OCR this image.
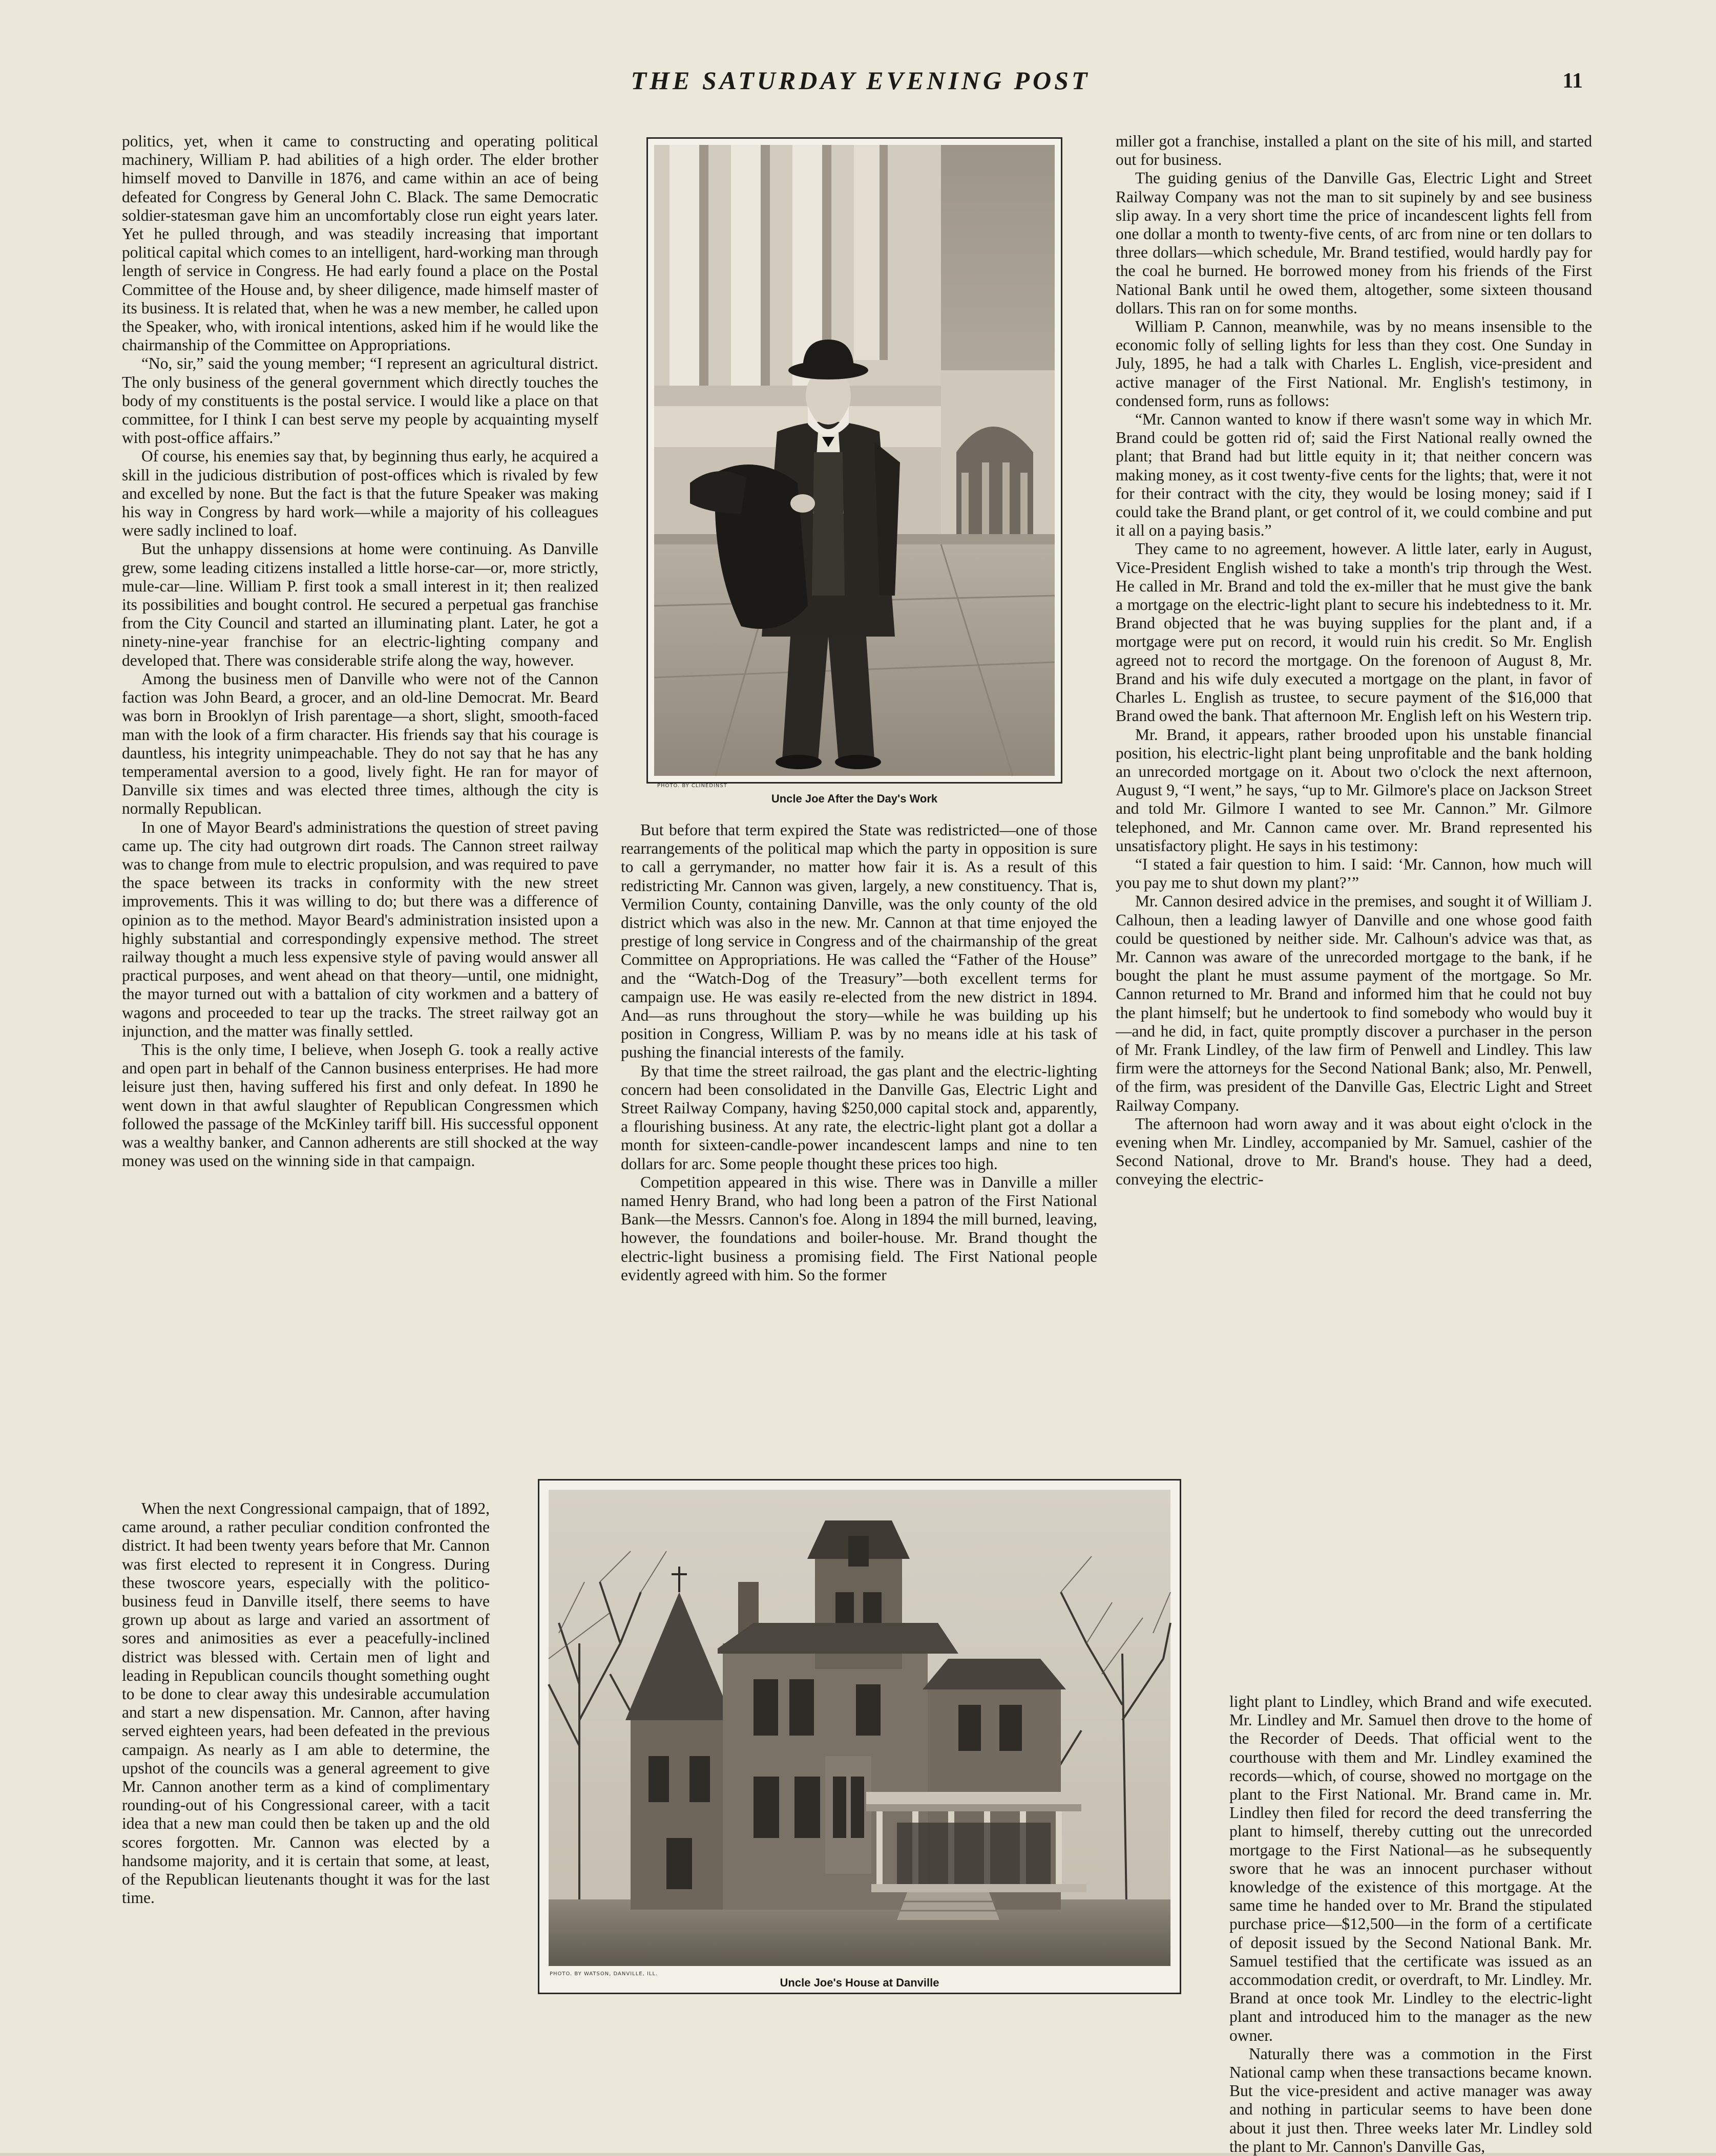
THE SATURDAY EVENING POST	11

politics, yet, when it came to constructing and operating political machinery, William P. had abilities of a high order. The elder brother himself moved to Danville in 1876, and came within an ace of being defeated for Congress by General John C. Black. The same Democratic soldier-statesman gave him an uncomfortably close run eight years later. Yet he pulled through, and was steadily increasing that important political capital which comes to an intelligent, hard-working man through length of service in Congress. He had early found a place on the Postal Committee of the House and, by sheer diligence, made himself master of its business. It is related that, when he was a new member, he called upon the Speaker, who, with ironical intentions, asked him if he would like the chairmanship of the Committee on Appropriations.

“No, sir,” said the young member; “I represent an agricultural district. The only business of the general government which directly touches the body of my constituents is the postal service. I would like a place on that committee, for I think I can best serve my people by acquainting myself with post-office affairs.”

Of course, his enemies say that, by beginning thus early, he acquired a skill in the judicious distribution of post-offices which is rivaled by few and excelled by none. But the fact is that the future Speaker was making his way in Congress by hard work—while a majority of his colleagues were sadly inclined to loaf.

But the unhappy dissensions at home were continuing. As Danville grew, some leading citizens installed a little horse-car—or, more strictly, mule-car—line. William P. first took a small interest in it; then realized its possibilities and bought control. He secured a perpetual gas franchise from the City Council and started an illuminating plant. Later, he got a ninety-nine-year franchise for an electric-lighting company and developed that. There was considerable strife along the way, however.

Among the business men of Danville who were not of the Cannon faction was John Beard, a grocer, and an old-line Democrat. Mr. Beard was born in Brooklyn of Irish parentage—a short, slight, smooth-faced man with the look of a firm character. His friends say that his courage is dauntless, his integrity unimpeachable. They do not say that he has any temperamental aversion to a good, lively fight. He ran for mayor of Danville six times and was elected three times, although the city is normally Republican.

In one of Mayor Beard's administrations the question of street paving came up. The city had outgrown dirt roads. The Cannon street railway was to change from mule to electric propulsion, and was required to pave the space between its tracks in conformity with the new street improvements. This it was willing to do; but there was a difference of opinion as to the method. Mayor Beard's administration insisted upon a highly substantial and correspondingly expensive method. The street railway thought a much less expensive style of paving would answer all practical purposes, and went ahead on that theory—until, one midnight, the mayor turned out with a battalion of city workmen and a battery of wagons and proceeded to tear up the tracks. The street railway got an injunction, and the matter was finally settled.

This is the only time, I believe, when Joseph G. took a really active and open part in behalf of the Cannon business enterprises. He had more leisure just then, having suffered his first and only defeat. In 1890 he went down in that awful slaughter of Republican Congressmen which followed the passage of the McKinley tariff bill. His successful opponent was a wealthy banker, and Cannon adherents are still shocked at the way money was used on the winning side in that campaign.

When the next Congressional campaign, that of 1892, came around, a rather peculiar condition confronted the district. It had been twenty years before that Mr. Cannon was first elected to represent it in Congress. During these twoscore years, especially with the politico-business feud in Danville itself, there seems to have grown up about as large and varied an assortment of sores and animosities as ever a peacefully-inclined district was blessed with. Certain men of light and leading in Republican councils thought something ought to be done to clear away this undesirable accumulation and start a new dispensation. Mr. Cannon, after having served eighteen years, had been defeated in the previous campaign. As nearly as I am able to determine, the upshot of the councils was a general agreement to give Mr. Cannon another term as a kind of complimentary rounding-out of his Congressional career, with a tacit idea that a new man could then be taken up and the old scores forgotten. Mr. Cannon was elected by a handsome majority, and it is certain that some, at least, of the Republican lieutenants thought it was for the last time.

PHOTO. BY CLINEDINST
Uncle Joe After the Day's Work

But before that term expired the State was redistricted—one of those rearrangements of the political map which the party in opposition is sure to call a gerrymander, no matter how fair it is. As a result of this redistricting Mr. Cannon was given, largely, a new constituency. That is, Vermilion County, containing Danville, was the only county of the old district which was also in the new. Mr. Cannon at that time enjoyed the prestige of long service in Congress and of the chairmanship of the great Committee on Appropriations. He was called the “Father of the House” and the “Watch-Dog of the Treasury”—both excellent terms for campaign use. He was easily re-elected from the new district in 1894. And—as runs throughout the story—while he was building up his position in Congress, William P. was by no means idle at his task of pushing the financial interests of the family.

By that time the street railroad, the gas plant and the electric-lighting concern had been consolidated in the Danville Gas, Electric Light and Street Railway Company, having $250,000 capital stock and, apparently, a flourishing business. At any rate, the electric-light plant got a dollar a month for sixteen-candle-power incandescent lamps and nine to ten dollars for arc. Some people thought these prices too high.

Competition appeared in this wise. There was in Danville a miller named Henry Brand, who had long been a patron of the First National Bank—the Messrs. Cannon's foe. Along in 1894 the mill burned, leaving, however, the foundations and boiler-house. Mr. Brand thought the electric-light business a promising field. The First National people evidently agreed with him. So the former

miller got a franchise, installed a plant on the site of his mill, and started out for business.

The guiding genius of the Danville Gas, Electric Light and Street Railway Company was not the man to sit supinely by and see business slip away. In a very short time the price of incandescent lights fell from one dollar a month to twenty-five cents, of arc from nine or ten dollars to three dollars—which schedule, Mr. Brand testified, would hardly pay for the coal he burned. He borrowed money from his friends of the First National Bank until he owed them, altogether, some sixteen thousand dollars. This ran on for some months.

William P. Cannon, meanwhile, was by no means insensible to the economic folly of selling lights for less than they cost. One Sunday in July, 1895, he had a talk with Charles L. English, vice-president and active manager of the First National. Mr. English's testimony, in condensed form, runs as follows:

“Mr. Cannon wanted to know if there wasn't some way in which Mr. Brand could be gotten rid of; said the First National really owned the plant; that Brand had but little equity in it; that neither concern was making money, as it cost twenty-five cents for the lights; that, were it not for their contract with the city, they would be losing money; said if I could take the Brand plant, or get control of it, we could combine and put it all on a paying basis.”

They came to no agreement, however. A little later, early in August, Vice-President English wished to take a month's trip through the West. He called in Mr. Brand and told the ex-miller that he must give the bank a mortgage on the electric-light plant to secure his indebtedness to it. Mr. Brand objected that he was buying supplies for the plant and, if a mortgage were put on record, it would ruin his credit. So Mr. English agreed not to record the mortgage. On the forenoon of August 8, Mr. Brand and his wife duly executed a mortgage on the plant, in favor of Charles L. English as trustee, to secure payment of the $16,000 that Brand owed the bank. That afternoon Mr. English left on his Western trip.

Mr. Brand, it appears, rather brooded upon his unstable financial position, his electric-light plant being unprofitable and the bank holding an unrecorded mortgage on it. About two o'clock the next afternoon, August 9, “I went,” he says, “up to Mr. Gilmore's place on Jackson Street and told Mr. Gilmore I wanted to see Mr. Cannon.” Mr. Gilmore telephoned, and Mr. Cannon came over. Mr. Brand represented his unsatisfactory plight. He says in his testimony:

“I stated a fair question to him. I said: ‘Mr. Cannon, how much will you pay me to shut down my plant?’”

Mr. Cannon desired advice in the premises, and sought it of William J. Calhoun, then a leading lawyer of Danville and one whose good faith could be questioned by neither side. Mr. Calhoun's advice was that, as Mr. Cannon was aware of the unrecorded mortgage to the bank, if he bought the plant he must assume payment of the mortgage. So Mr. Cannon returned to Mr. Brand and informed him that he could not buy the plant himself; but he undertook to find somebody who would buy it—and he did, in fact, quite promptly discover a purchaser in the person of Mr. Frank Lindley, of the law firm of Penwell and Lindley. This law firm were the attorneys for the Second National Bank; also, Mr. Penwell, of the firm, was president of the Danville Gas, Electric Light and Street Railway Company.

The afternoon had worn away and it was about eight o'clock in the evening when Mr. Lindley, accompanied by Mr. Samuel, cashier of the Second National, drove to Mr. Brand's house. They had a deed, conveying the electric-

light plant to Lindley, which Brand and wife executed. Mr. Lindley and Mr. Samuel then drove to the home of the Recorder of Deeds. That official went to the courthouse with them and Mr. Lindley examined the records—which, of course, showed no mortgage on the plant to the First National. Mr. Brand came in. Mr. Lindley then filed for record the deed transferring the plant to himself, thereby cutting out the unrecorded mortgage to the First National—as he subsequently swore that he was an innocent purchaser without knowledge of the existence of this mortgage. At the same time he handed over to Mr. Brand the stipulated purchase price—$12,500—in the form of a certificate of deposit issued by the Second National Bank. Mr. Samuel testified that the certificate was issued as an accommodation credit, or overdraft, to Mr. Lindley. Mr. Brand at once took Mr. Lindley to the electric-light plant and introduced him to the manager as the new owner.

Naturally there was a commotion in the First National camp when these transactions became known. But the vice-president and active manager was away and nothing in particular seems to have been done about it just then. Three weeks later Mr. Lindley sold the plant to Mr. Cannon's Danville Gas,

PHOTO. BY WATSON, DANVILLE, ILL.
Uncle Joe's House at Danville
